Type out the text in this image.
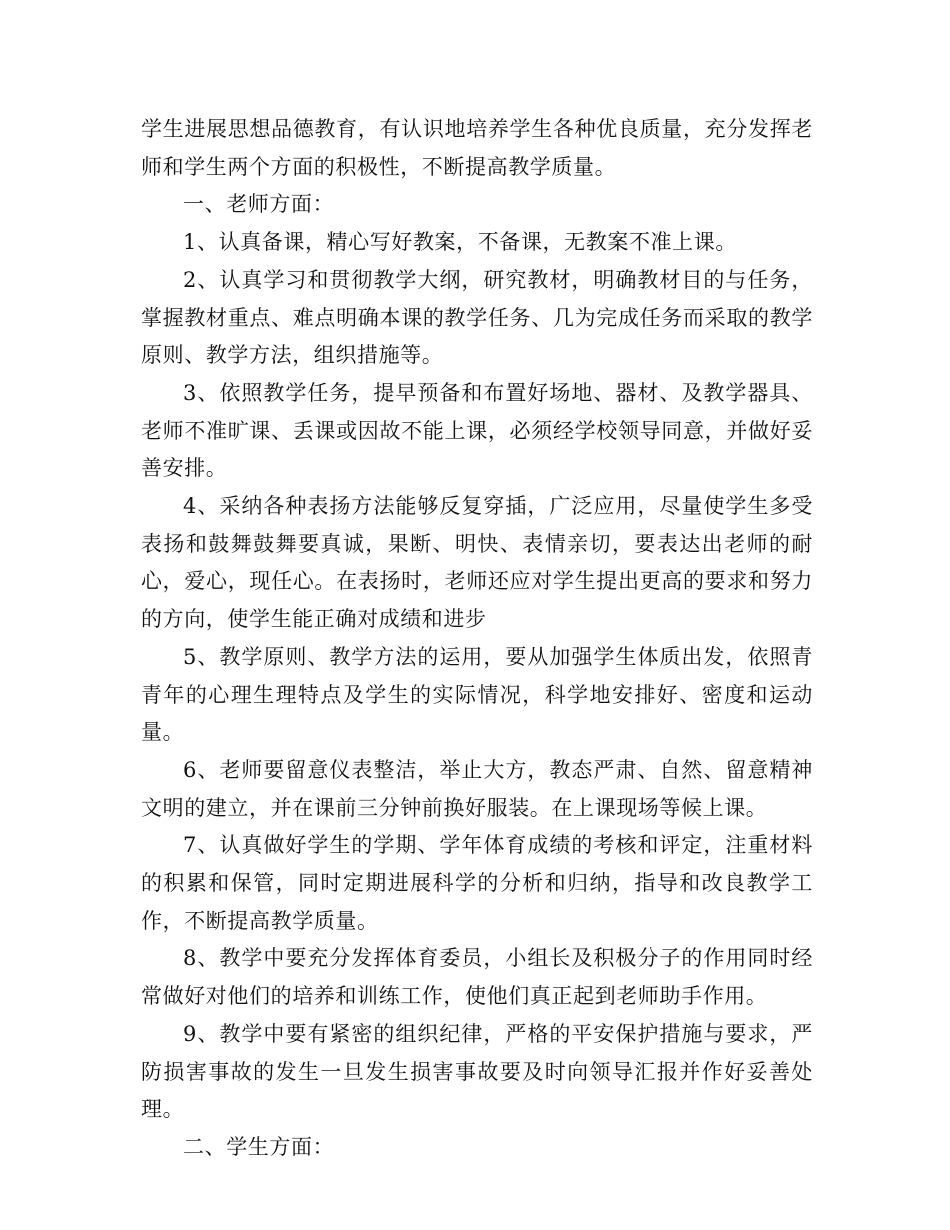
学生进展思想品德教育，有认识地培养学生各种优良质量，充分发挥老师和学生两个方面的积极性，不断提高教学质量。

一、老师方面：

1、认真备课，精心写好教案，不备课，无教案不准上课。

2、认真学习和贯彻教学大纲，研究教材，明确教材目的与任务，掌握教材重点、难点明确本课的教学任务、几为完成任务而采取的教学原则、教学方法，组织措施等。

3、依照教学任务，提早预备和布置好场地、器材、及教学器具、老师不准旷课、丢课或因故不能上课，必须经学校领导同意，并做好妥善安排。

4、采纳各种表扬方法能够反复穿插，广泛应用，尽量使学生多受表扬和鼓舞鼓舞要真诚，果断、明快、表情亲切，要表达出老师的耐心，爱心，现任心。在表扬时，老师还应对学生提出更高的要求和努力的方向，使学生能正确对成绩和进步

5、教学原则、教学方法的运用，要从加强学生体质出发，依照青青年的心理生理特点及学生的实际情况，科学地安排好、密度和运动量。

6、老师要留意仪表整洁，举止大方，教态严肃、自然、留意精神文明的建立，并在课前三分钟前换好服装。在上课现场等候上课。

7、认真做好学生的学期、学年体育成绩的考核和评定，注重材料的积累和保管，同时定期进展科学的分析和归纳，指导和改良教学工作，不断提高教学质量。

8、教学中要充分发挥体育委员，小组长及积极分子的作用同时经常做好对他们的培养和训练工作，使他们真正起到老师助手作用。

9、教学中要有紧密的组织纪律，严格的平安保护措施与要求，严防损害事故的发生一旦发生损害事故要及时向领导汇报并作好妥善处理。

二、学生方面：
